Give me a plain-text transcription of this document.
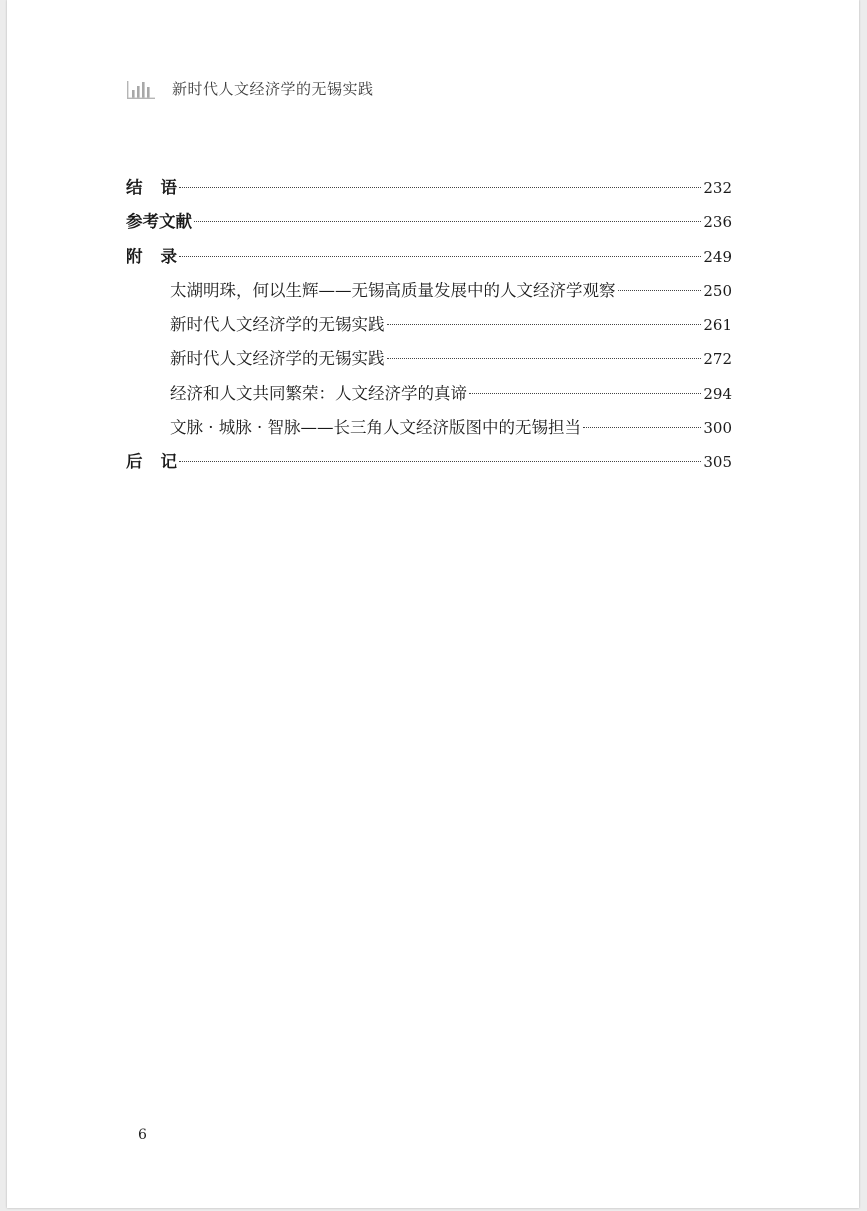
新时代人文经济学的无锡实践
结语	232
参考文献	236
附录	249
太湖明珠，何以生辉——无锡高质量发展中的人文经济学观察	250
新时代人文经济学的无锡实践	261
新时代人文经济学的无锡实践	272
经济和人文共同繁荣：人文经济学的真谛	294
文脉 · 城脉 · 智脉——长三角人文经济版图中的无锡担当	300
后记	305
6
